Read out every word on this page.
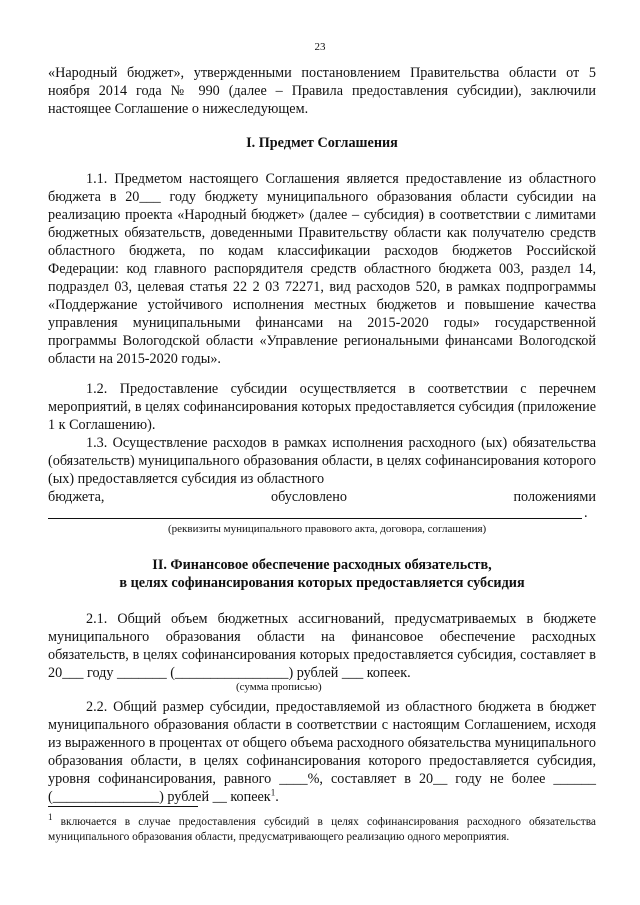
23

«Народный бюджет», утвержденными постановлением Правительства области от 5 ноября 2014 года № 990 (далее – Правила предоставления субсидии), заключили настоящее Соглашение о нижеследующем.

I. Предмет Соглашения

1.1. Предметом настоящего Соглашения является предоставление из областного бюджета в 20___ году бюджету муниципального образования области субсидии на реализацию проекта «Народный бюджет» (далее – субсидия) в соответствии с лимитами бюджетных обязательств, доведенными Правительству области как получателю средств областного бюджета, по кодам классификации расходов бюджетов Российской Федерации: код главного распорядителя средств областного бюджета 003, раздел 14, подраздел 03, целевая статья 22 2 03 72271, вид расходов 520, в рамках подпрограммы «Поддержание устойчивого исполнения местных бюджетов и повышение качества управления муниципальными финансами на 2015-2020 годы» государственной программы Вологодской области «Управление региональными финансами Вологодской области на 2015-2020 годы».

1.2. Предоставление субсидии осуществляется в соответствии с перечнем мероприятий, в целях софинансирования которых предоставляется субсидия (приложение 1 к Соглашению).

1.3. Осуществление расходов в рамках исполнения расходного (ых) обязательства (обязательств) муниципального образования области, в целях софинансирования которого (ых) предоставляется субсидия из областного

бюджета,	обусловлено	положениями
.
(реквизиты муниципального правового акта, договора, соглашения)

II. Финансовое обеспечение расходных обязательств,

в целях софинансирования которых предоставляется субсидия

2.1. Общий объем бюджетных ассигнований, предусматриваемых в бюджете муниципального образования области на финансовое обеспечение расходных обязательств, в целях софинансирования которых предоставляется субсидия, составляет в 20___ году _______ (________________) рублей ___ копеек.

(сумма прописью)

2.2. Общий размер субсидии, предоставляемой из областного бюджета в бюджет муниципального образования области в соответствии с настоящим Соглашением, исходя из выраженного в процентах от общего объема расходного обязательства муниципального образования области, в целях софинансирования которого предоставляется субсидия, уровня софинансирования, равного ____%, составляет в 20__ году не более ______ (_______________) рублей __ копеек$^1$.

$^1$ включается в случае предоставления субсидий в целях софинансирования расходного обязательства муниципального образования области, предусматривающего реализацию одного мероприятия.
